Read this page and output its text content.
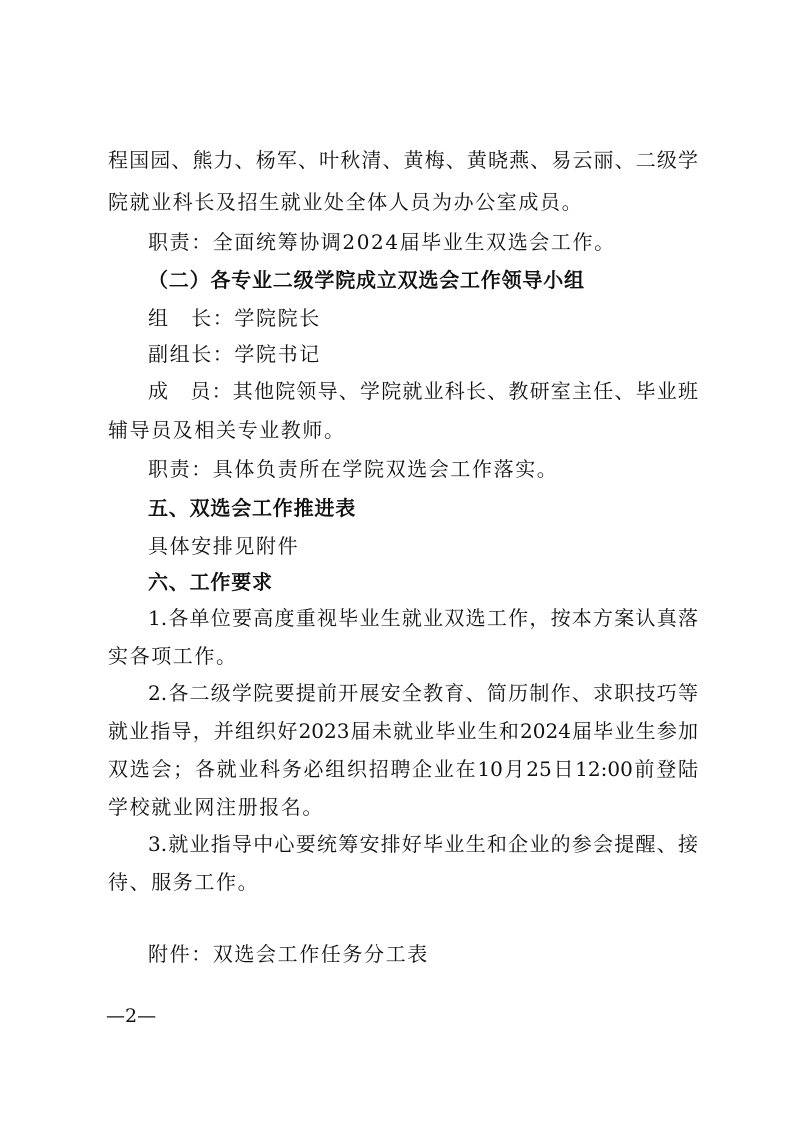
程国园、熊力、杨军、叶秋清、黄梅、黄晓燕、易云丽、二级学
院就业科长及招生就业处全体人员为办公室成员。
职责：全面统筹协调2024届毕业生双选会工作。
（二）各专业二级学院成立双选会工作领导小组
组　长：学院院长
副组长：学院书记
成　员：其他院领导、学院就业科长、教研室主任、毕业班
辅导员及相关专业教师。
职责：具体负责所在学院双选会工作落实。
五、双选会工作推进表
具体安排见附件
六、工作要求
1.各单位要高度重视毕业生就业双选工作，按本方案认真落
实各项工作。
2.各二级学院要提前开展安全教育、简历制作、求职技巧等
就业指导，并组织好2023届未就业毕业生和2024届毕业生参加
双选会；各就业科务必组织招聘企业在10月25日12:00前登陆
学校就业网注册报名。
3.就业指导中心要统筹安排好毕业生和企业的参会提醒、接
待、服务工作。
附件：双选会工作任务分工表
—2—
